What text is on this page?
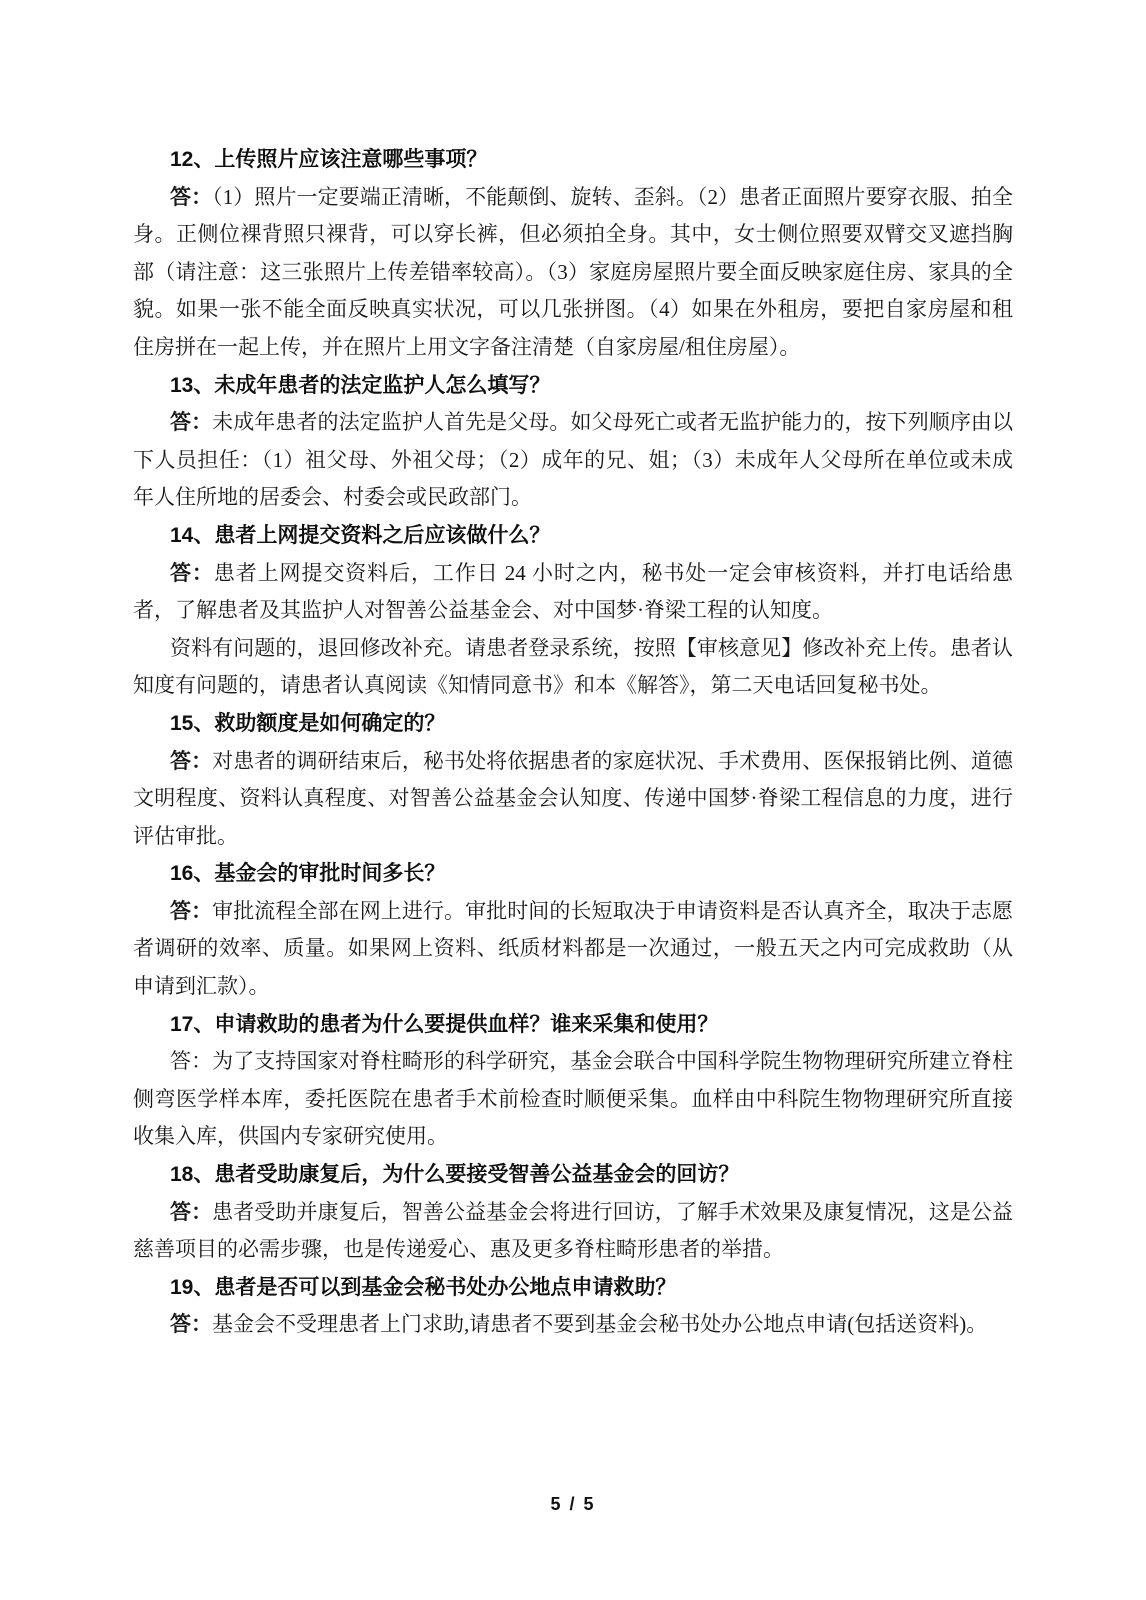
12、上传照片应该注意哪些事项？

答：（1）照片一定要端正清晰，不能颠倒、旋转、歪斜。（2）患者正面照片要穿衣服、拍全身。正侧位裸背照只裸背，可以穿长裤，但必须拍全身。其中，女士侧位照要双臂交叉遮挡胸部（请注意：这三张照片上传差错率较高）。（3）家庭房屋照片要全面反映家庭住房、家具的全貌。如果一张不能全面反映真实状况，可以几张拼图。（4）如果在外租房，要把自家房屋和租住房拼在一起上传，并在照片上用文字备注清楚（自家房屋/租住房屋）。

13、未成年患者的法定监护人怎么填写？

答：未成年患者的法定监护人首先是父母。如父母死亡或者无监护能力的，按下列顺序由以下人员担任：（1）祖父母、外祖父母；（2）成年的兄、姐；（3）未成年人父母所在单位或未成年人住所地的居委会、村委会或民政部门。

14、患者上网提交资料之后应该做什么？

答：患者上网提交资料后，工作日 24 小时之内，秘书处一定会审核资料，并打电话给患者，了解患者及其监护人对智善公益基金会、对中国梦·脊梁工程的认知度。

资料有问题的，退回修改补充。请患者登录系统，按照【审核意见】修改补充上传。患者认知度有问题的，请患者认真阅读《知情同意书》和本《解答》，第二天电话回复秘书处。

15、救助额度是如何确定的？

答：对患者的调研结束后，秘书处将依据患者的家庭状况、手术费用、医保报销比例、道德文明程度、资料认真程度、对智善公益基金会认知度、传递中国梦·脊梁工程信息的力度，进行评估审批。

16、基金会的审批时间多长？

答：审批流程全部在网上进行。审批时间的长短取决于申请资料是否认真齐全，取决于志愿者调研的效率、质量。如果网上资料、纸质材料都是一次通过，一般五天之内可完成救助（从申请到汇款）。

17、申请救助的患者为什么要提供血样？谁来采集和使用？

答：为了支持国家对脊柱畸形的科学研究，基金会联合中国科学院生物物理研究所建立脊柱侧弯医学样本库，委托医院在患者手术前检查时顺便采集。血样由中科院生物物理研究所直接收集入库，供国内专家研究使用。

18、患者受助康复后，为什么要接受智善公益基金会的回访？

答：患者受助并康复后，智善公益基金会将进行回访，了解手术效果及康复情况，这是公益慈善项目的必需步骤，也是传递爱心、惠及更多脊柱畸形患者的举措。

19、患者是否可以到基金会秘书处办公地点申请救助？

答：基金会不受理患者上门求助,请患者不要到基金会秘书处办公地点申请(包括送资料)。

5 / 5
